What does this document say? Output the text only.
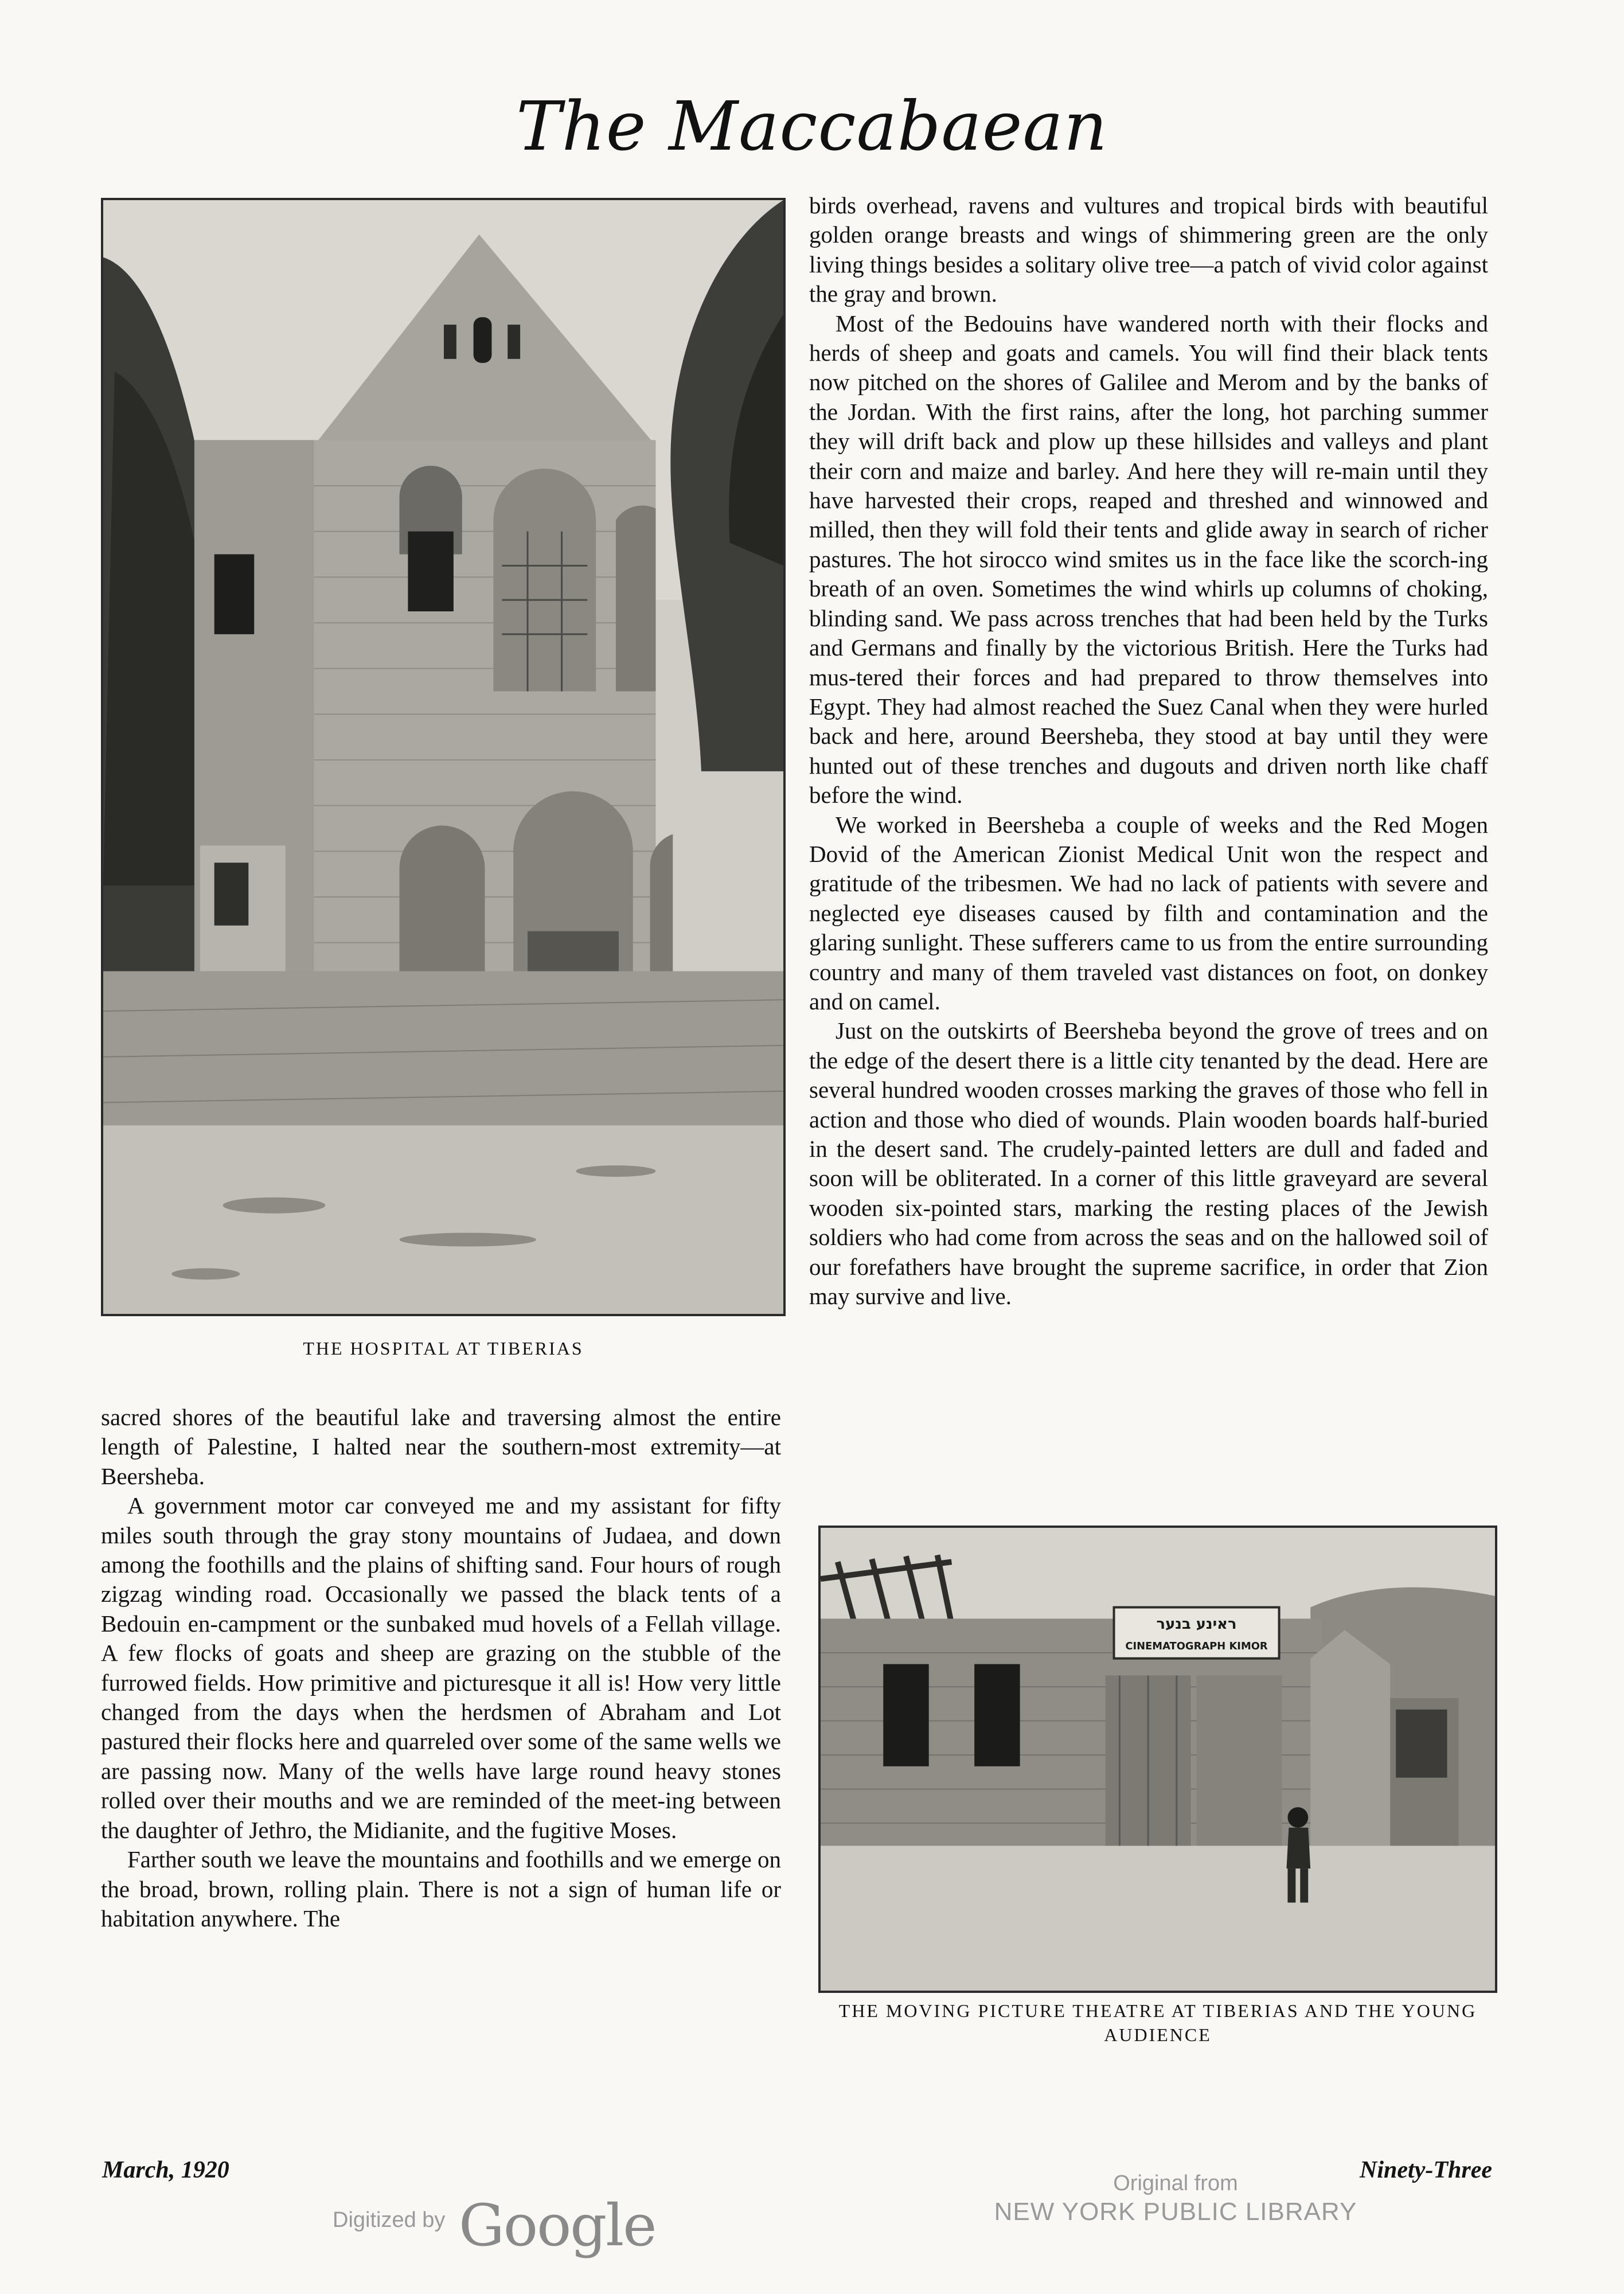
The Maccabaean
THE HOSPITAL AT TIBERIAS
ראינע בנער
CINEMATOGRAPH KIMOR
THE MOVING PICTURE THEATRE AT TIBERIAS AND THE YOUNG AUDIENCE

sacred shores of the beautiful lake and traversing almost the entire length of Palestine, I halted near the southern-most extremity—at Beersheba.

A government motor car conveyed me and my assistant for fifty miles south through the gray stony mountains of Judaea, and down among the foothills and the plains of shifting sand. Four hours of rough zigzag winding road. Occasionally we passed the black tents of a Bedouin en-campment or the sunbaked mud hovels of a Fellah village. A few flocks of goats and sheep are grazing on the stubble of the furrowed fields. How primitive and picturesque it all is! How very little changed from the days when the herdsmen of Abraham and Lot pastured their flocks here and quarreled over some of the same wells we are passing now. Many of the wells have large round heavy stones rolled over their mouths and we are reminded of the meet-ing between the daughter of Jethro, the Midianite, and the fugitive Moses.

Farther south we leave the mountains and foothills and we emerge on the broad, brown, rolling plain. There is not a sign of human life or habitation anywhere. The

birds overhead, ravens and vultures and tropical birds with beautiful golden orange breasts and wings of shimmering green are the only living things besides a solitary olive tree—a patch of vivid color against the gray and brown.

Most of the Bedouins have wandered north with their flocks and herds of sheep and goats and camels. You will find their black tents now pitched on the shores of Galilee and Merom and by the banks of the Jordan. With the first rains, after the long, hot parching summer they will drift back and plow up these hillsides and valleys and plant their corn and maize and barley. And here they will re-main until they have harvested their crops, reaped and threshed and winnowed and milled, then they will fold their tents and glide away in search of richer pastures. The hot sirocco wind smites us in the face like the scorch-ing breath of an oven. Sometimes the wind whirls up columns of choking, blinding sand. We pass across trenches that had been held by the Turks and Germans and finally by the victorious British. Here the Turks had mus-tered their forces and had prepared to throw themselves into Egypt. They had almost reached the Suez Canal when they were hurled back and here, around Beersheba, they stood at bay until they were hunted out of these trenches and dugouts and driven north like chaff before the wind.

We worked in Beersheba a couple of weeks and the Red Mogen Dovid of the American Zionist Medical Unit won the respect and gratitude of the tribesmen. We had no lack of patients with severe and neglected eye diseases caused by filth and contamination and the glaring sunlight. These sufferers came to us from the entire surrounding country and many of them traveled vast distances on foot, on donkey and on camel.

Just on the outskirts of Beersheba beyond the grove of trees and on the edge of the desert there is a little city tenanted by the dead. Here are several hundred wooden crosses marking the graves of those who fell in action and those who died of wounds. Plain wooden boards half-buried in the desert sand. The crudely-painted letters are dull and faded and soon will be obliterated. In a corner of this little graveyard are several wooden six-pointed stars, marking the resting places of the Jewish soldiers who had come from across the seas and on the hallowed soil of our forefathers have brought the supreme sacrifice, in order that Zion may survive and live.

March, 1920	Ninety-Three
Digitized by Google
Original from
NEW YORK PUBLIC LIBRARY
